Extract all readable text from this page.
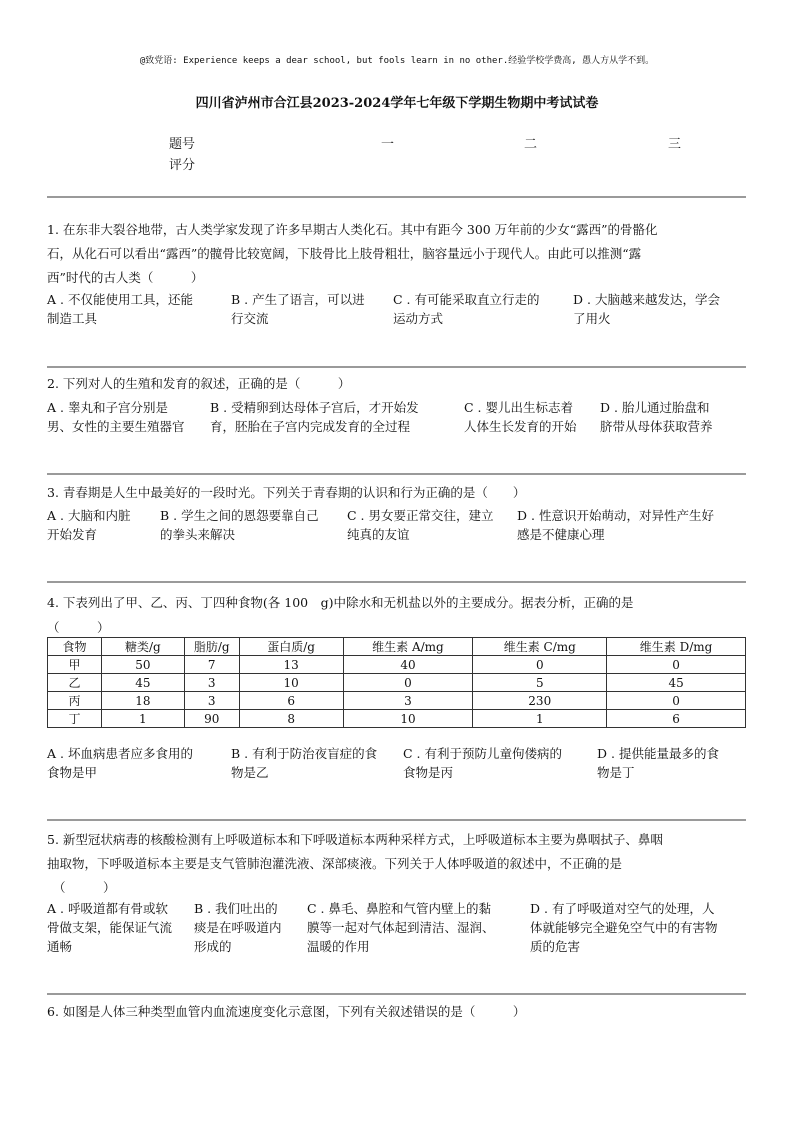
@致党语: Experience keeps a dear school, but fools learn in no other.经验学校学费高, 愚人方从学不到。
四川省泸州市合江县2023-2024学年七年级下学期生物期中考试试卷
题号	一	二	三
评分
1. 在东非大裂谷地带，古人类学家发现了许多早期古人类化石。其中有距今 300 万年前的少女“露西”的骨骼化
石，从化石可以看出“露西”的髋骨比较宽阔，下肢骨比上肢骨粗壮，脑容量远小于现代人。由此可以推测“露
西”时代的古人类（　　　）
A . 不仅能使用工具，还能
制造工具
B . 产生了语言，可以进
行交流
C . 有可能采取直立行走的
运动方式
D . 大脑越来越发达，学会
了用火
2. 下列对人的生殖和发育的叙述，正确的是（　　　）
A . 睾丸和子宫分别是
男、女性的主要生殖器官
B . 受精卵到达母体子宫后，才开始发
育，胚胎在子宫内完成发育的全过程
C . 婴儿出生标志着
人体生长发育的开始
D . 胎儿通过胎盘和
脐带从母体获取营养
3. 青春期是人生中最美好的一段时光。下列关于青春期的认识和行为正确的是（　　）
A . 大脑和内脏
开始发育
B . 学生之间的恩怨要靠自己
的拳头来解决
C . 男女要正常交往，建立
纯真的友谊
D . 性意识开始萌动，对异性产生好
感是不健康心理
4. 下表列出了甲、乙、丙、丁四种食物(各 100　g)中除水和无机盐以外的主要成分。据表分析，正确的是
（　　　）
食物	糖类/g	脂肪/g	蛋白质/g	维生素 A/mg	维生素 C/mg	维生素 D/mg
甲	50	7	13	40	0	0
乙	45	3	10	0	5	45
丙	18	3	6	3	230	0
丁	1	90	8	10	1	6
A . 坏血病患者应多食用的
食物是甲
B . 有利于防治夜盲症的食
物是乙
C . 有利于预防儿童佝偻病的
食物是丙
D . 提供能量最多的食
物是丁
5. 新型冠状病毒的核酸检测有上呼吸道标本和下呼吸道标本两种采样方式，上呼吸道标本主要为鼻咽拭子、鼻咽
抽取物，下呼吸道标本主要是支气管肺泡灌洗液、深部痰液。下列关于人体呼吸道的叙述中，不正确的是
（　　　）
A . 呼吸道都有骨或软
骨做支架，能保证气流
通畅
B . 我们吐出的
痰是在呼吸道内
形成的
C . 鼻毛、鼻腔和气管内壁上的黏
膜等一起对气体起到清洁、湿润、
温暖的作用
D . 有了呼吸道对空气的处理，人
体就能够完全避免空气中的有害物
质的危害
6. 如图是人体三种类型血管内血流速度变化示意图，下列有关叙述错误的是（　　　）
